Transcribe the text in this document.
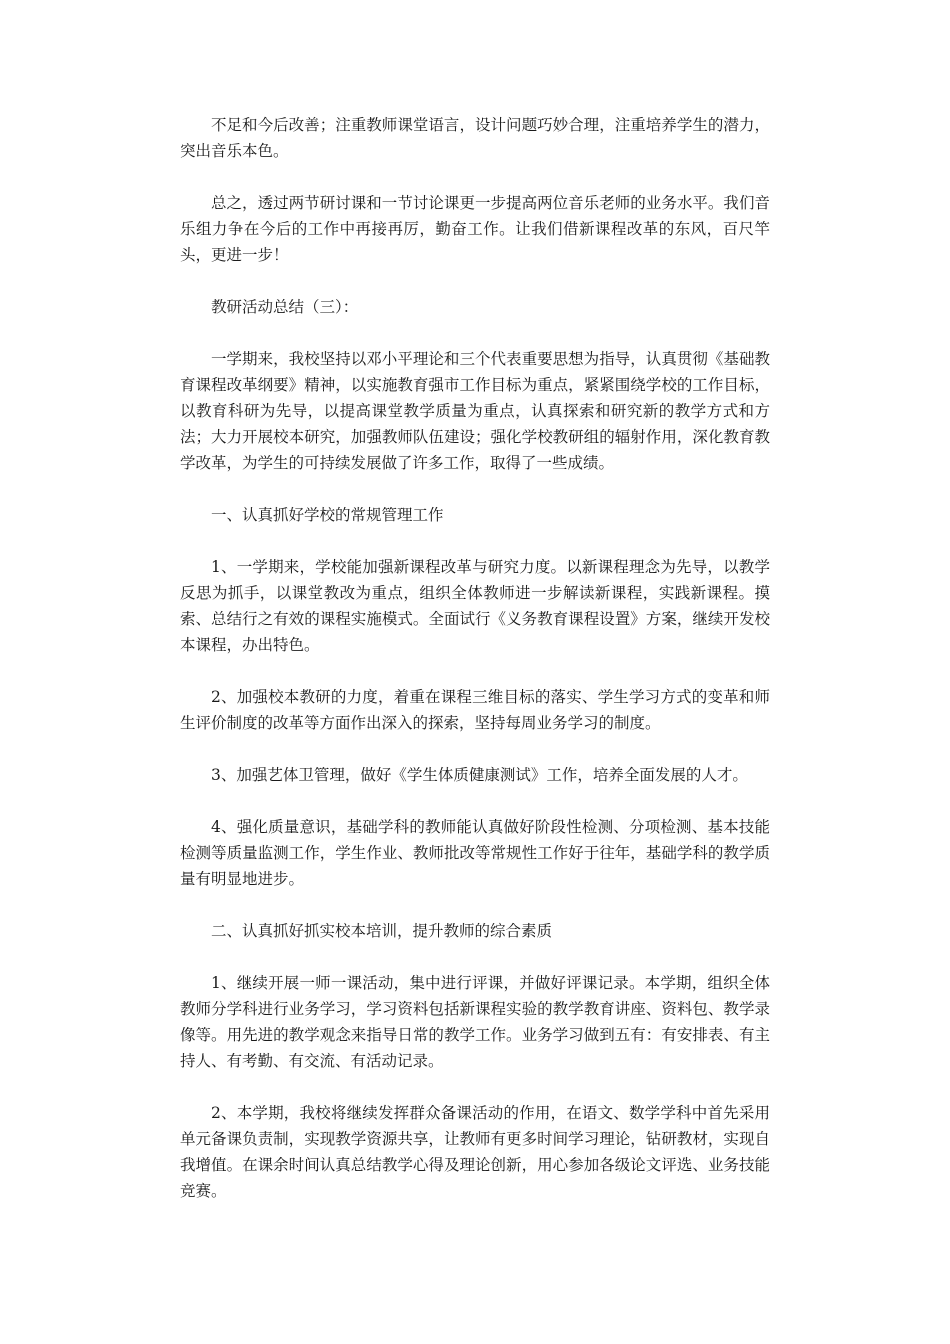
不足和今后改善；注重教师课堂语言，设计问题巧妙合理，注重培养学生的潜力，突出音乐本色。

总之，透过两节研讨课和一节讨论课更一步提高两位音乐老师的业务水平。我们音乐组力争在今后的工作中再接再厉，勤奋工作。让我们借新课程改革的东风，百尺竿头，更进一步！

教研活动总结（三）：

一学期来，我校坚持以邓小平理论和三个代表重要思想为指导，认真贯彻《基础教育课程改革纲要》精神，以实施教育强市工作目标为重点，紧紧围绕学校的工作目标，以教育科研为先导，以提高课堂教学质量为重点，认真探索和研究新的教学方式和方法；大力开展校本研究，加强教师队伍建设；强化学校教研组的辐射作用，深化教育教学改革，为学生的可持续发展做了许多工作，取得了一些成绩。

一、认真抓好学校的常规管理工作

1、一学期来，学校能加强新课程改革与研究力度。以新课程理念为先导，以教学反思为抓手，以课堂教改为重点，组织全体教师进一步解读新课程，实践新课程。摸索、总结行之有效的课程实施模式。全面试行《义务教育课程设置》方案，继续开发校本课程，办出特色。

2、加强校本教研的力度，着重在课程三维目标的落实、学生学习方式的变革和师生评价制度的改革等方面作出深入的探索，坚持每周业务学习的制度。

3、加强艺体卫管理，做好《学生体质健康测试》工作，培养全面发展的人才。

4、强化质量意识，基础学科的教师能认真做好阶段性检测、分项检测、基本技能检测等质量监测工作，学生作业、教师批改等常规性工作好于往年，基础学科的教学质量有明显地进步。

二、认真抓好抓实校本培训，提升教师的综合素质

1、继续开展一师一课活动，集中进行评课，并做好评课记录。本学期，组织全体教师分学科进行业务学习，学习资料包括新课程实验的教学教育讲座、资料包、教学录像等。用先进的教学观念来指导日常的教学工作。业务学习做到五有：有安排表、有主持人、有考勤、有交流、有活动记录。

2、本学期，我校将继续发挥群众备课活动的作用，在语文、数学学科中首先采用单元备课负责制，实现教学资源共享，让教师有更多时间学习理论，钻研教材，实现自我增值。在课余时间认真总结教学心得及理论创新，用心参加各级论文评选、业务技能竞赛。
